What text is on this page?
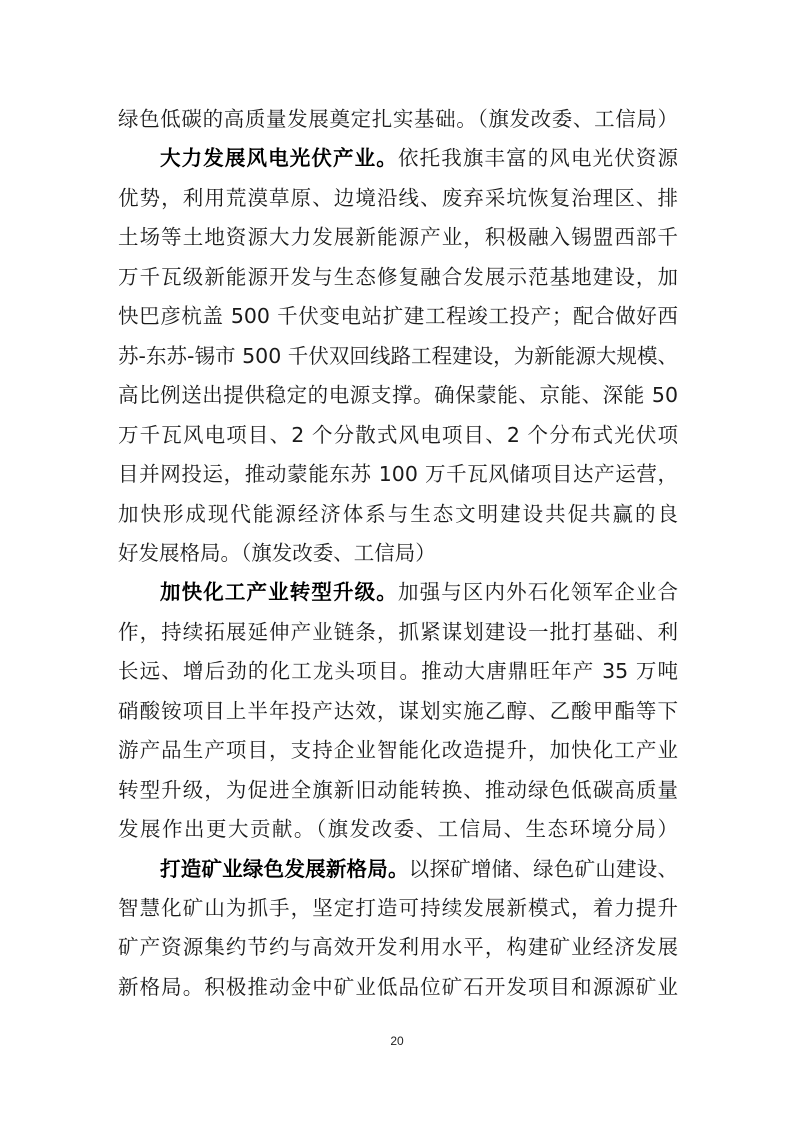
绿色低碳的高质量发展奠定扎实基础。（旗发改委、工信局）
大力发展风电光伏产业。依托我旗丰富的风电光伏资源
优势，利用荒漠草原、边境沿线、废弃采坑恢复治理区、排
土场等土地资源大力发展新能源产业，积极融入锡盟西部千
万千瓦级新能源开发与生态修复融合发展示范基地建设，加
快巴彦杭盖 500 千伏变电站扩建工程竣工投产；配合做好西
苏-东苏-锡市 500 千伏双回线路工程建设，为新能源大规模、
高比例送出提供稳定的电源支撑。确保蒙能、京能、深能 50
万千瓦风电项目、2 个分散式风电项目、2 个分布式光伏项
目并网投运，推动蒙能东苏 100 万千瓦风储项目达产运营，
加快形成现代能源经济体系与生态文明建设共促共赢的良
好发展格局。（旗发改委、工信局）
加快化工产业转型升级。加强与区内外石化领军企业合
作，持续拓展延伸产业链条，抓紧谋划建设一批打基础、利
长远、增后劲的化工龙头项目。推动大唐鼎旺年产 35 万吨
硝酸铵项目上半年投产达效，谋划实施乙醇、乙酸甲酯等下
游产品生产项目，支持企业智能化改造提升，加快化工产业
转型升级，为促进全旗新旧动能转换、推动绿色低碳高质量
发展作出更大贡献。（旗发改委、工信局、生态环境分局）
打造矿业绿色发展新格局。以探矿增储、绿色矿山建设、
智慧化矿山为抓手，坚定打造可持续发展新模式，着力提升
矿产资源集约节约与高效开发利用水平，构建矿业经济发展
新格局。积极推动金中矿业低品位矿石开发项目和源源矿业
20
